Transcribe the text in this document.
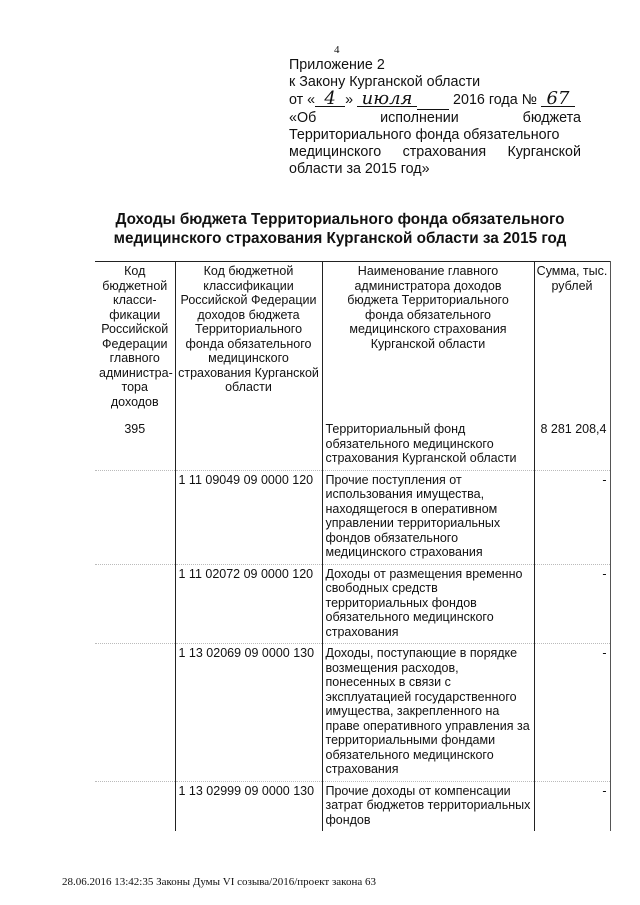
4
Приложение 2
к Закону Курганской области
от « 4 » июля	2016 года № 67
«Об	исполнении	бюджета
Территориального фонда обязательного
медицинского страхования Курганской
области за 2015 год»
Доходы бюджета Территориального фонда обязательного
медицинского страхования Курганской области за 2015 год
Код бюджетной класси-фикации Российской Федерации главного администра-тора доходов	Код бюджетной классификации Российской Федерации доходов бюджета Территориального фонда обязательного медицинского страхования Курганской области	Наименование главного администратора доходов бюджета Территориального фонда обязательного медицинского страхования Курганской области	Сумма, тыс. рублей
395		Территориальный фонд обязательного медицинского страхования Курганской области	8 281 208,4
	1 11 09049 09 0000 120	Прочие поступления от использования имущества, находящегося в оперативном управлении территориальных фондов обязательного медицинского страхования	-
	1 11 02072 09 0000 120	Доходы от размещения временно свободных средств территориальных фондов обязательного медицинского страхования	-
	1 13 02069 09 0000 130	Доходы, поступающие в порядке возмещения расходов, понесенных в связи с эксплуатацией государственного имущества, закрепленного на праве оперативного управления за территориальными фондами обязательного медицинского страхования	-
	1 13 02999 09 0000 130	Прочие доходы от компенсации затрат бюджетов территориальных фондов	-
28.06.2016 13:42:35 Законы Думы VI созыва/2016/проект закона 63
